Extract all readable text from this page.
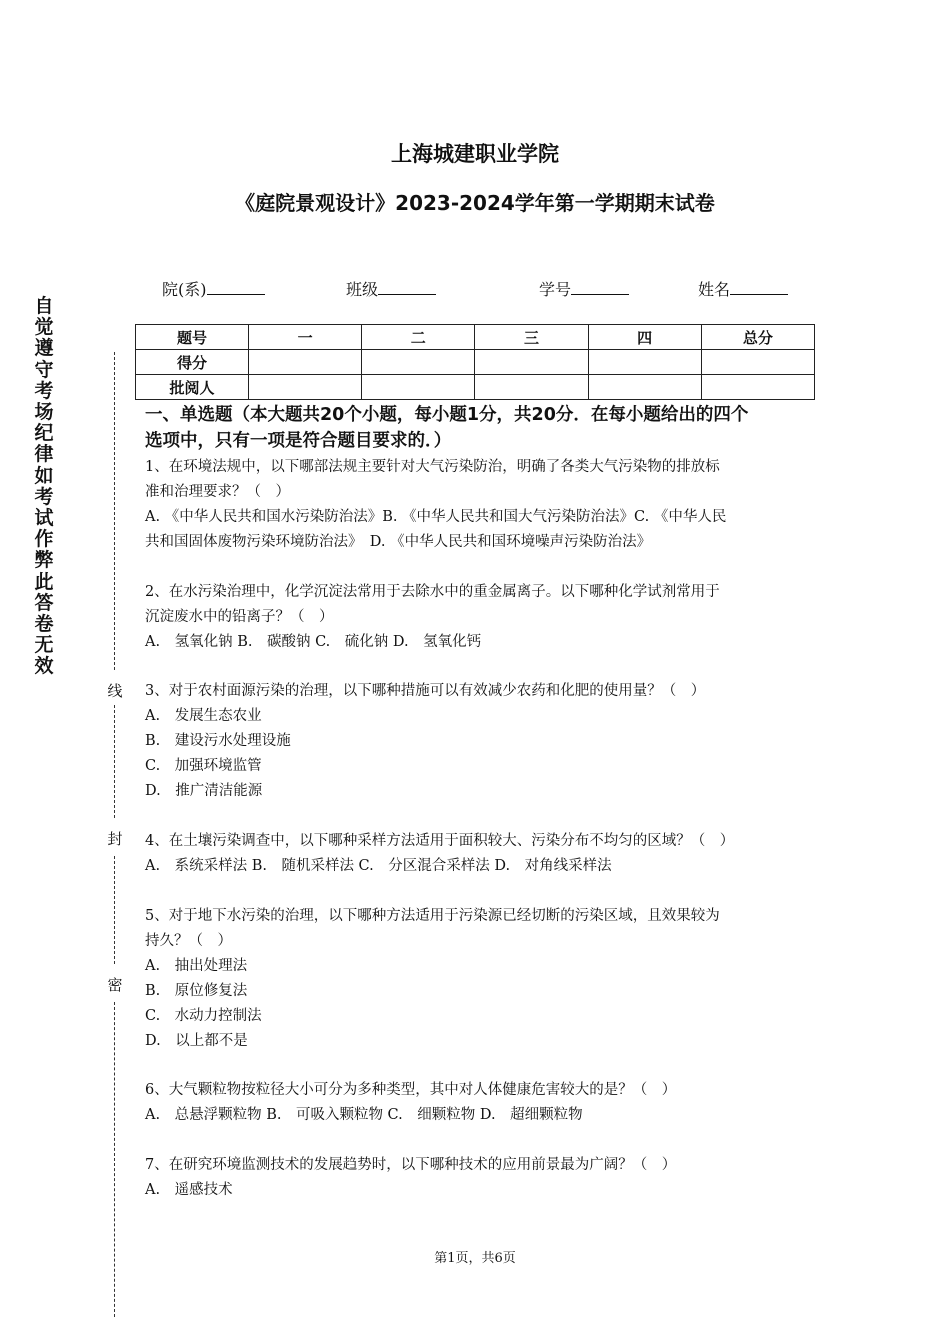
上海城建职业学院
《庭院景观设计》2023-2024学年第一学期期末试卷
院(系)	班级	学号	姓名
题号	一	二	三	四	总分
得分					
批阅人					
自觉遵守考场纪律如考试作弊此答卷无效
线
封
密
一、单选题（本大题共20个小题，每小题1分，共20分．在每小题给出的四个
选项中，只有一项是符合题目要求的．）
1、在环境法规中，以下哪部法规主要针对大气污染防治，明确了各类大气污染物的排放标
准和治理要求？（　）
A. 《中华人民共和国水污染防治法》B. 《中华人民共和国大气污染防治法》C. 《中华人民
共和国固体废物污染环境防治法》　D. 《中华人民共和国环境噪声污染防治法》
2、在水污染治理中，化学沉淀法常用于去除水中的重金属离子。以下哪种化学试剂常用于
沉淀废水中的铅离子？（　）
A.　氢氧化钠 B.　碳酸钠 C.　硫化钠 D.　氢氧化钙
3、对于农村面源污染的治理，以下哪种措施可以有效减少农药和化肥的使用量？（　）
A.　发展生态农业
B.　建设污水处理设施
C.　加强环境监管
D.　推广清洁能源
4、在土壤污染调查中，以下哪种采样方法适用于面积较大、污染分布不均匀的区域？（　）
A.　系统采样法 B.　随机采样法 C.　分区混合采样法 D.　对角线采样法
5、对于地下水污染的治理，以下哪种方法适用于污染源已经切断的污染区域，且效果较为
持久？（　）
A.　抽出处理法
B.　原位修复法
C.　水动力控制法
D.　以上都不是
6、大气颗粒物按粒径大小可分为多种类型，其中对人体健康危害较大的是？（　）
A.　总悬浮颗粒物 B.　可吸入颗粒物 C.　细颗粒物 D.　超细颗粒物
7、在研究环境监测技术的发展趋势时，以下哪种技术的应用前景最为广阔？（　）
A.　遥感技术
第1页，共6页
